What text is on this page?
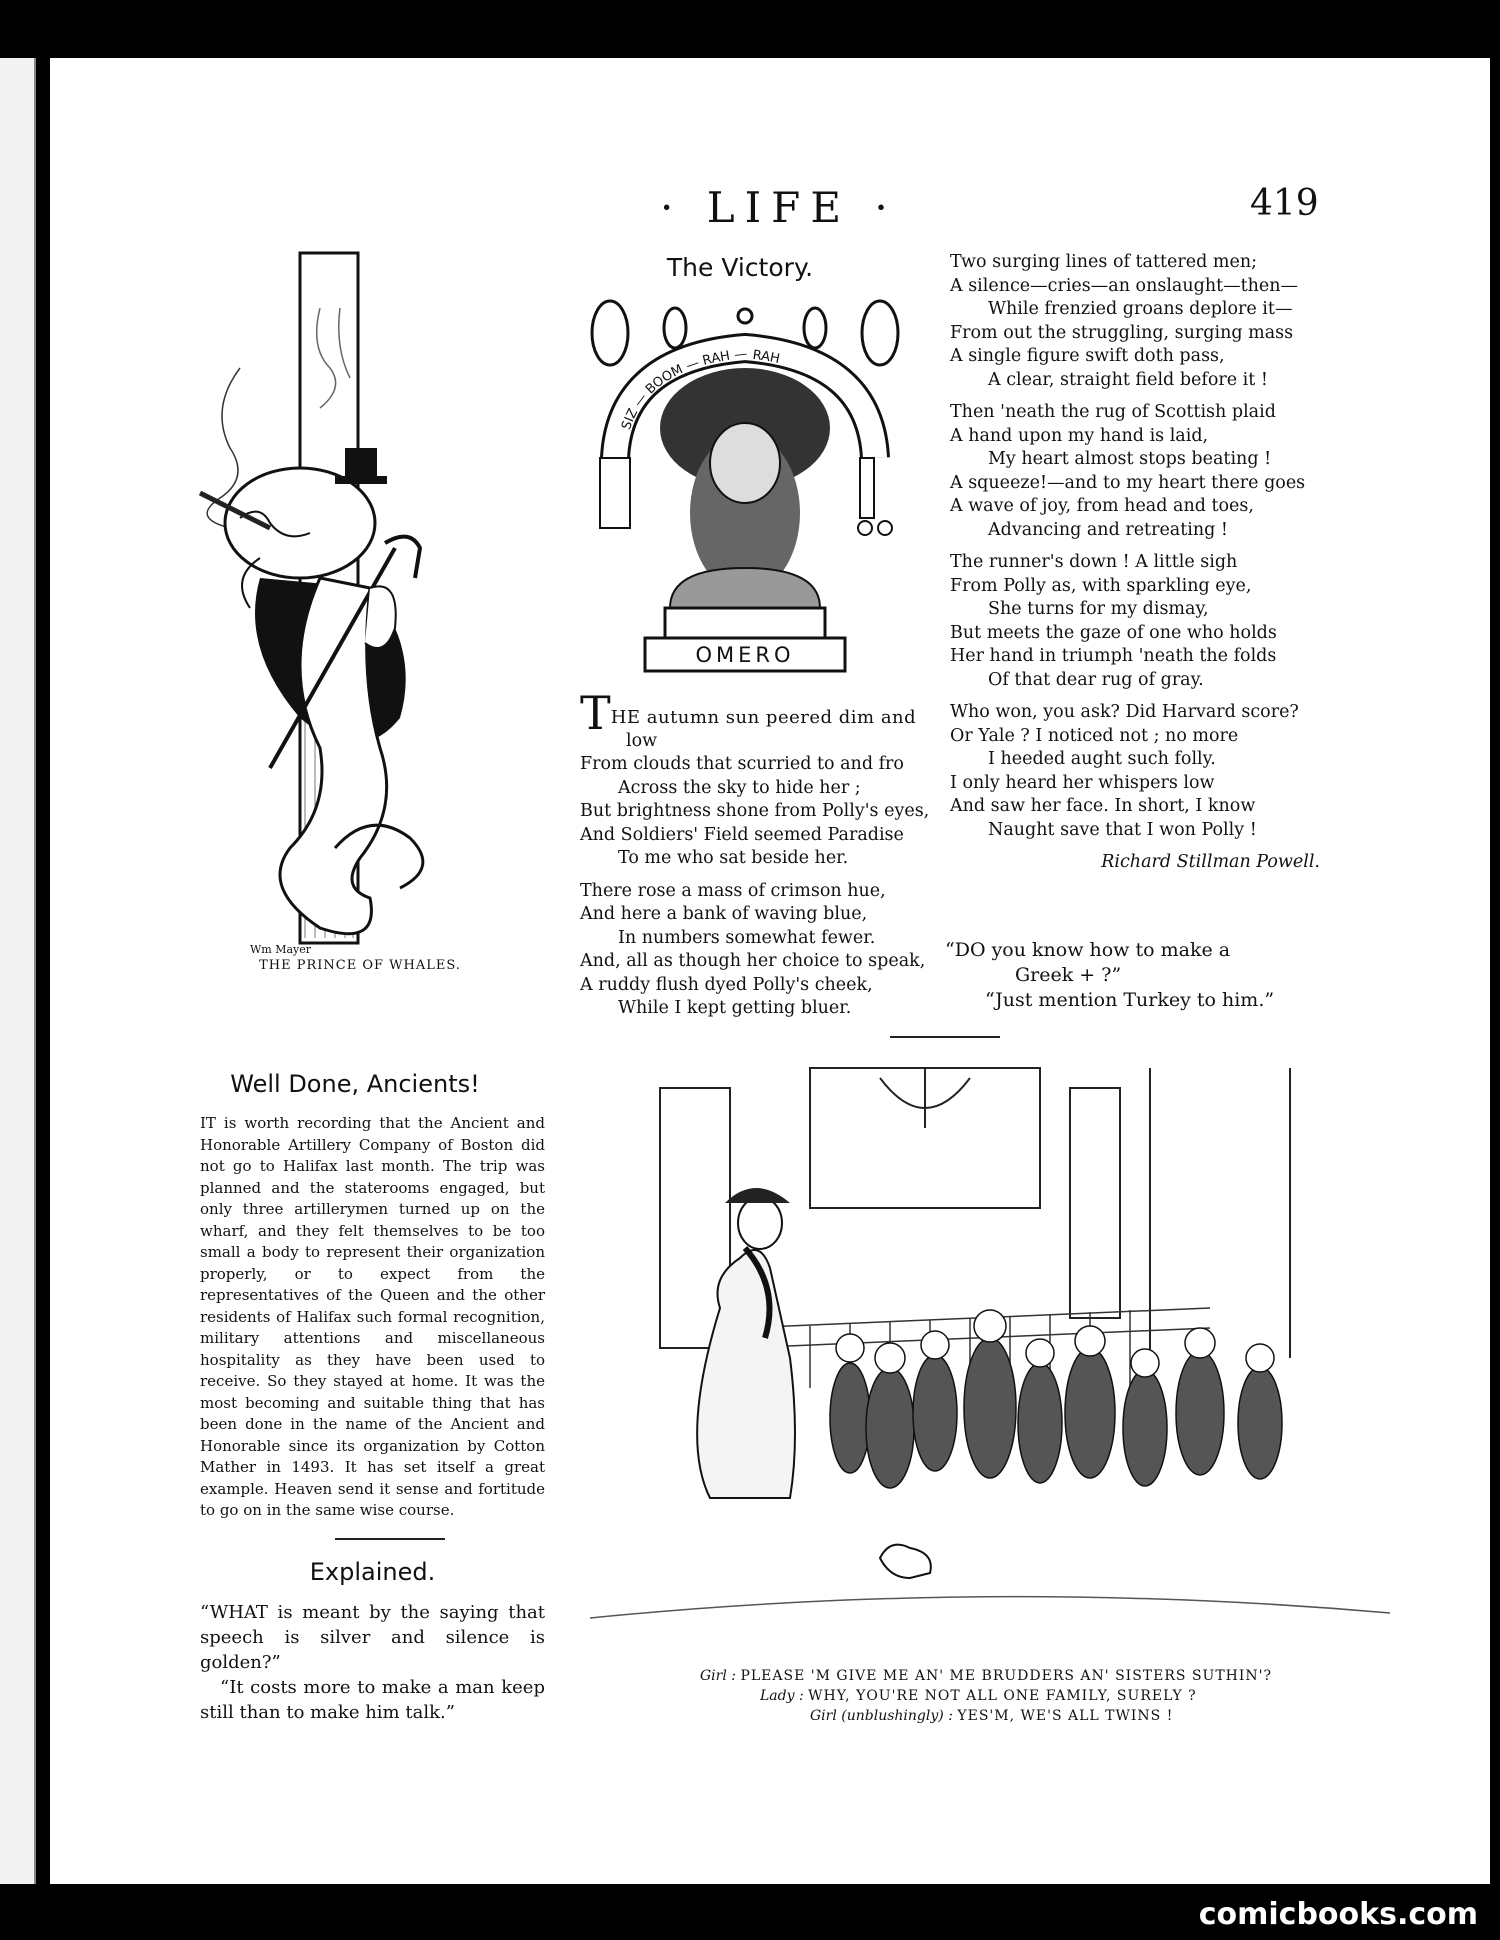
· LIFE ·	419
Wm Mayer
THE PRINCE OF WHALES.
The Victory.
SIZ — BOOM — RAH — RAH
OMERO
THE autumn sun peered dim and
low
From clouds that scurried to and fro
Across the sky to hide her ;
But brightness shone from Polly's eyes,
And Soldiers' Field seemed Paradise
To me who sat beside her.
There rose a mass of crimson hue,
And here a bank of waving blue,
In numbers somewhat fewer.
And, all as though her choice to speak,
A ruddy flush dyed Polly's cheek,
While I kept getting bluer.
Two surging lines of tattered men;
A silence—cries—an onslaught—then—
While frenzied groans deplore it—
From out the struggling, surging mass
A single figure swift doth pass,
A clear, straight field before it !
Then 'neath the rug of Scottish plaid
A hand upon my hand is laid,
My heart almost stops beating !
A squeeze!—and to my heart there goes
A wave of joy, from head and toes,
Advancing and retreating !
The runner's down ! A little sigh
From Polly as, with sparkling eye,
She turns for my dismay,
But meets the gaze of one who holds
Her hand in triumph 'neath the folds
Of that dear rug of gray.
Who won, you ask? Did Harvard score?
Or Yale ? I noticed not ; no more
I heeded aught such folly.
I only heard her whispers low
And saw her face. In short, I know
Naught save that I won Polly !
Richard Stillman Powell.
“DO you know how to make a
Greek + ?”
“Just mention Turkey to him.”
Well Done, Ancients!
IT is worth recording that the Ancient and Honorable Artillery Company of Boston did not go to Halifax last month. The trip was planned and the staterooms engaged, but only three artillerymen turned up on the wharf, and they felt themselves to be too small a body to represent their organization properly, or to expect from the representatives of the Queen and the other residents of Halifax such formal recognition, military attentions and miscellaneous hospitality as they have been used to receive. So they stayed at home. It was the most becoming and suitable thing that has been done in the name of the Ancient and Honorable since its organization by Cotton Mather in 1493. It has set itself a great example. Heaven send it sense and fortitude to go on in the same wise course.
Explained.
“WHAT is meant by the saying that speech is silver and silence is golden?”
“It costs more to make a man keep still than to make him talk.”
Girl : PLEASE 'M GIVE ME AN' ME BRUDDERS AN' SISTERS SUTHIN'?
Lady : WHY, YOU'RE NOT ALL ONE FAMILY, SURELY ?
Girl (unblushingly) : YES'M, WE'S ALL TWINS !
comicbooks.com
